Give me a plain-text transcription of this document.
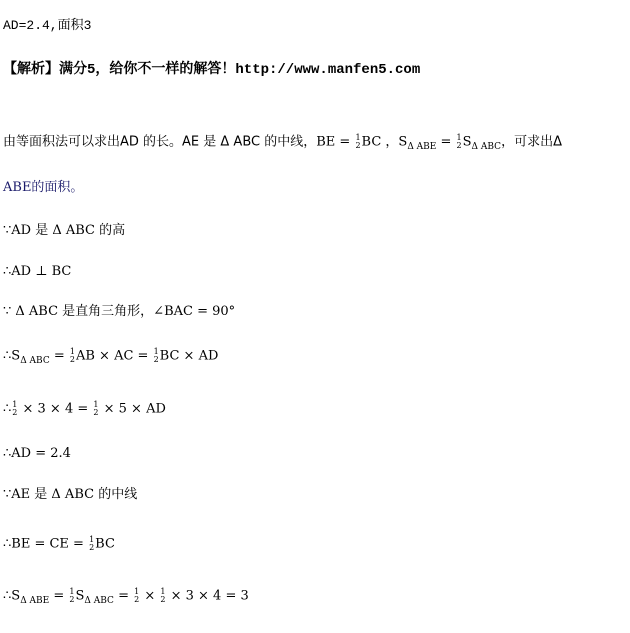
AD=2.4,面积3
【解析】满分5，给你不一样的解答！http://www.manfen5.com
由等面积法可以求出AD 的长。AE 是 Δ ABC 的中线，BE = 1
2 BC ，$S_{\Delta ABE} = 1$
2 $S_{\Delta ABC}$，可求出Δ
ABE的面积。
∵AD 是 Δ ABC 的高
∴AD ⊥ BC
∵ Δ ABC 是直角三角形，∠BAC = 90°
$\therefore S_{\Delta ABC} = 1$
2 AB × AC = 1
2 BC × AD
∴ 1
2 × 3 × 4 = 1
2 × 5 × AD
∴AD = 2.4
∵AE 是 Δ ABC 的中线
∴BE = CE = 1
2 BC
$\therefore S_{\Delta ABE} = 1$
2 $S_{\Delta ABC} = 1$
2 × 1
2 × 3 × 4 = 3
